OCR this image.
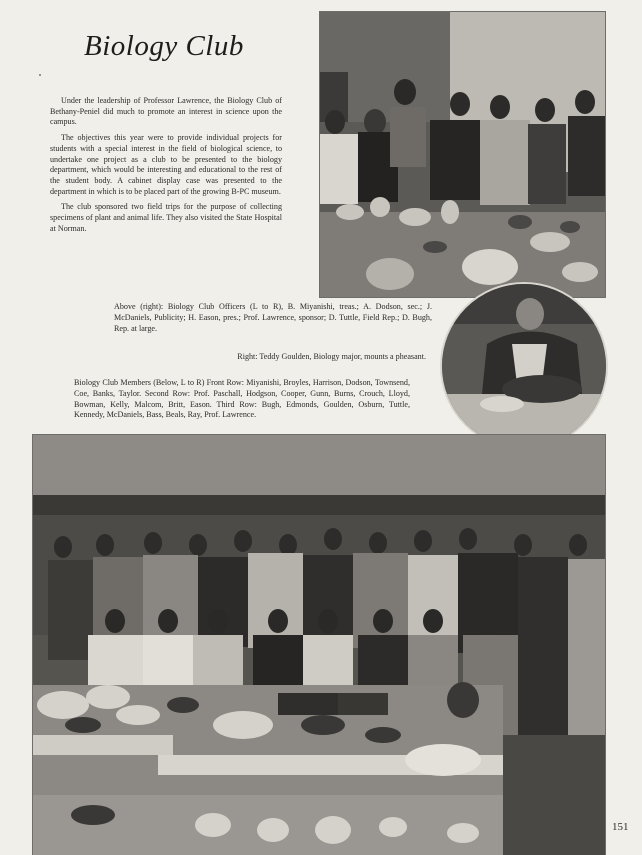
Biology Club

Under the leadership of Professor Lawrence, the Biology Club of Bethany-Peniel did much to promote an interest in science upon the campus.

The objectives this year were to provide individual projects for students with a special interest in the field of biological science, to undertake one project as a club to be presented to the biology department, which would be interesting and educational to the rest of the student body. A cabinet display case was presented to the department in which is to be placed part of the growing B-PC museum.

The club sponsored two field trips for the purpose of collecting specimens of plant and animal life. They also visited the State Hospital at Norman.

Above (right): Biology Club Officers (L to R), B. Miyanishi, treas.; A. Dodson, sec.; J. McDaniels, Publicity; H. Eason, pres.; Prof. Lawrence, sponsor; D. Tuttle, Field Rep.; D. Bugh, Rep. at large.
Right: Teddy Goulden, Biology major, mounts a pheasant.
Biology Club Members (Below, L to R) Front Row: Miyanishi, Broyles, Harrison, Dodson, Townsend, Coe, Banks, Taylor. Second Row: Prof. Paschall, Hodgson, Cooper, Gunn, Burns, Crouch, Lloyd, Bowman, Kelly, Malcom, Britt, Eason. Third Row: Bugh, Edmonds, Goulden, Osburn, Tuttle, Kennedy, McDaniels, Bass, Beals, Ray, Prof. Lawrence.
151
